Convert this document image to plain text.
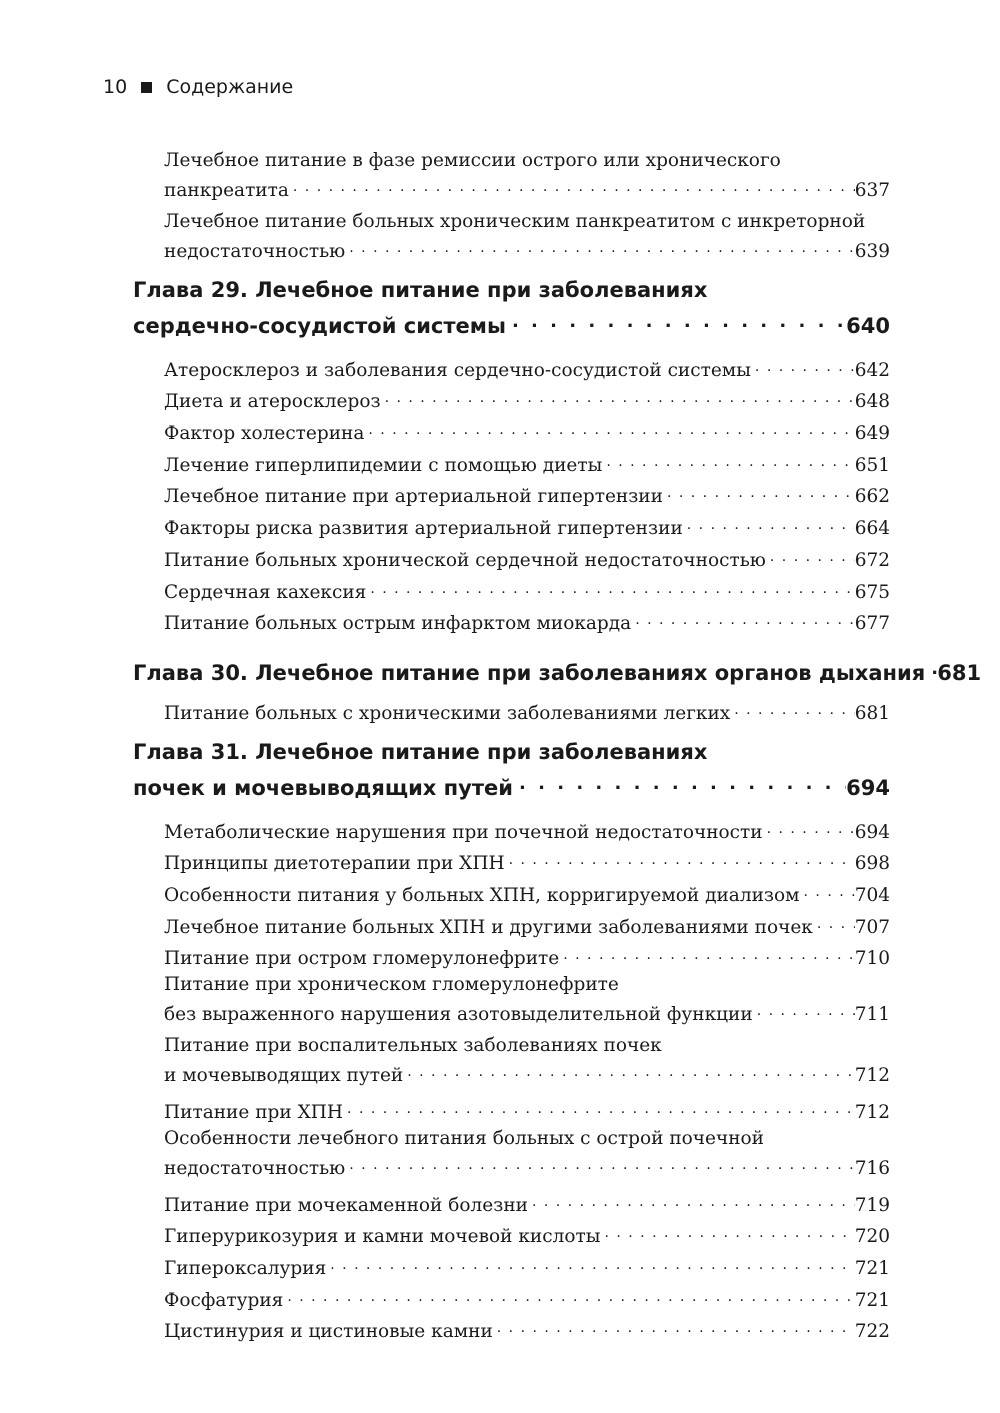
10 Содержание
Лечебное питание в фазе ремиссии острого или хронического
панкреатита . . .	637
Лечебное питание больных хроническим панкреатитом с инкреторной
недостаточностью . . .	639
Глава 29. Лечебное питание при заболеваниях
сердечно-сосудистой системы . . .	640
Атеросклероз и заболевания сердечно-сосудистой системы . . .	642
Диета и атеросклероз . . .	648
Фактор холестерина . . .	649
Лечение гиперлипидемии с помощью диеты . . .	651
Лечебное питание при артериальной гипертензии . . .	662
Факторы риска развития артериальной гипертензии . . .	664
Питание больных хронической сердечной недостаточностью . . .	672
Сердечная кахексия . . .	675
Питание больных острым инфарктом миокарда . . .	677
Глава 30. Лечебное питание при заболеваниях органов дыхания . . . 681
Питание больных с хроническими заболеваниями легких . . .	681
Глава 31. Лечебное питание при заболеваниях
почек и мочевыводящих путей . . .	694
Метаболические нарушения при почечной недостаточности . . .	694
Принципы диетотерапии при ХПН . . .	698
Особенности питания у больных ХПН, корригируемой диализом . . .	704
Лечебное питание больных ХПН и другими заболеваниями почек . . . 707
Питание при остром гломерулонефрите . . .	710
Питание при хроническом гломерулонефрите
без выраженного нарушения азотовыделительной функции . . .	711
Питание при воспалительных заболеваниях почек
и мочевыводящих путей . . .	712
Питание при ХПН . . .	712
Особенности лечебного питания больных с острой почечной
недостаточностью . . .	716
Питание при мочекаменной болезни . . .	719
Гиперурикозурия и камни мочевой кислоты . . .	720
Гипероксалурия . . .	721
Фосфатурия . . .	721
Цистинурия и цистиновые камни . . .	722
